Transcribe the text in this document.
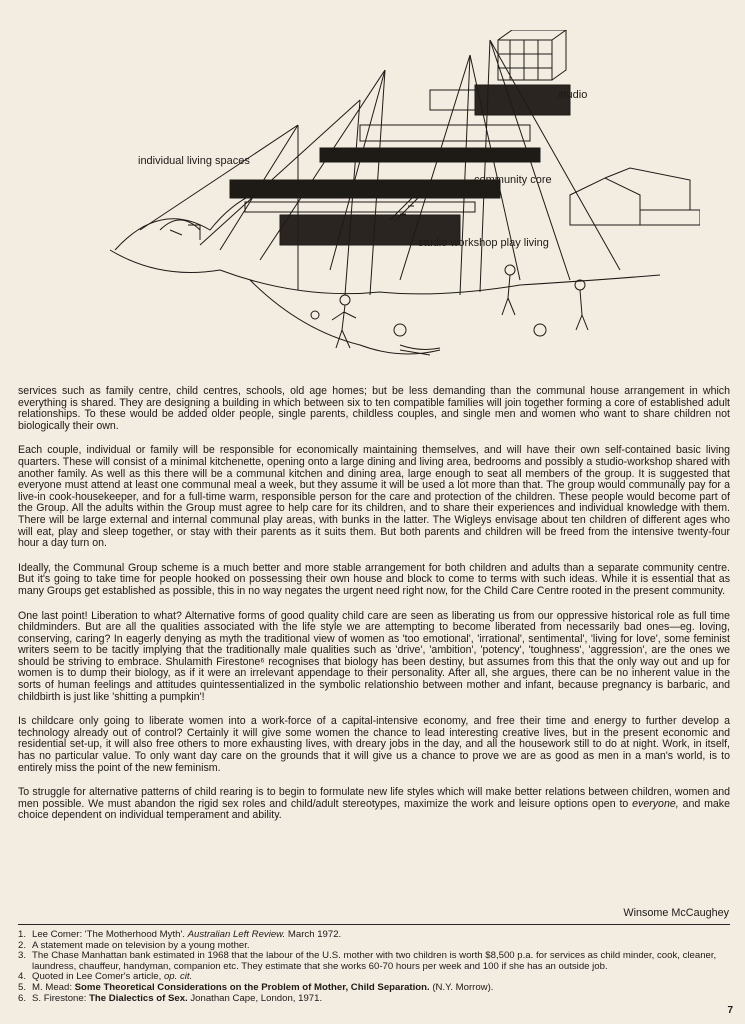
studio
individual living spaces
community core
studio workshop play living

services such as family centre, child centres, schools, old age homes; but be less demanding than the communal house arrangement in which everything is shared. They are designing a building in which between six to ten compatible families will join together forming a core of established adult relationships. To these would be added older people, single parents, childless couples, and single men and women who want to share children not biologically their own.

Each couple, individual or family will be responsible for economically maintaining themselves, and will have their own self-contained basic living quarters. These will consist of a minimal kitchenette, opening onto a large dining and living area, bedrooms and possibly a studio-workshop shared with another family. As well as this there will be a communal kitchen and dining area, large enough to seat all members of the group. It is suggested that everyone must attend at least one communal meal a week, but they assume it will be used a lot more than that. The group would communally pay for a live-in cook-housekeeper, and for a full-time warm, responsible person for the care and protection of the children. These people would become part of the Group. All the adults within the Group must agree to help care for its children, and to share their experiences and individual knowledge with them. There will be large external and internal communal play areas, with bunks in the latter. The Wigleys envisage about ten children of different ages who will eat, play and sleep together, or stay with their parents as it suits them. But both parents and children will be freed from the intensive twenty-four hour a day turn on.

Ideally, the Communal Group scheme is a much better and more stable arrangement for both children and adults than a separate community centre. But it's going to take time for people hooked on possessing their own house and block to come to terms with such ideas. While it is essential that as many Groups get established as possible, this in no way negates the urgent need right now, for the Child Care Centre rooted in the present community.

One last point! Liberation to what? Alternative forms of good quality child care are seen as liberating us from our oppressive historical role as full time childminders. But are all the qualities associated with the life style we are attempting to become liberated from necessarily bad ones—eg. loving, conserving, caring? In eagerly denying as myth the traditional view of women as 'too emotional', 'irrational', sentimental', 'living for love', some feminist writers seem to be tacitly implying that the traditionally male qualities such as 'drive', 'ambition', 'potency', 'toughness', 'aggression', are the ones we should be striving to embrace. Shulamith Firestone⁶ recognises that biology has been destiny, but assumes from this that the only way out and up for women is to dump their biology, as if it were an irrelevant appendage to their personality. After all, she argues, there can be no inherent value in the sorts of human feelings and attitudes quintessentialized in the symbolic relationshio between mother and infant, because pregnancy is barbaric, and childbirth is just like 'shitting a pumpkin'!

Is childcare only going to liberate women into a work-force of a capital-intensive economy, and free their time and energy to further develop a technology already out of control? Certainly it will give some women the chance to lead interesting creative lives, but in the present economic and residential set-up, it will also free others to more exhausting lives, with dreary jobs in the day, and all the housework still to do at night. Work, in itself, has no particular value. To only want day care on the grounds that it will give us a chance to prove we are as good as men in a man's world, is to entirely miss the point of the new feminism.

To struggle for alternative patterns of child rearing is to begin to formulate new life styles which will make better relations between children, women and men possible. We must abandon the rigid sex roles and child/adult stereotypes, maximize the work and leisure options open to everyone, and make choice dependent on individual temperament and ability.

Winsome McCaughey
1. Lee Comer: 'The Motherhood Myth'. Australian Left Review. March 1972.
2. A statement made on television by a young mother.
3. The Chase Manhattan bank estimated in 1968 that the labour of the U.S. mother with two children is worth $8,500 p.a. for services as child minder, cook, cleaner, laundress, chauffeur, handyman, companion etc. They estimate that she works 60-70 hours per week and 100 if she has an outside job.
4. Quoted in Lee Comer's article, op. cit.
5. M. Mead: Some Theoretical Considerations on the Problem of Mother, Child Separation. (N.Y. Morrow).
6. S. Firestone: The Dialectics of Sex. Jonathan Cape, London, 1971.
7
